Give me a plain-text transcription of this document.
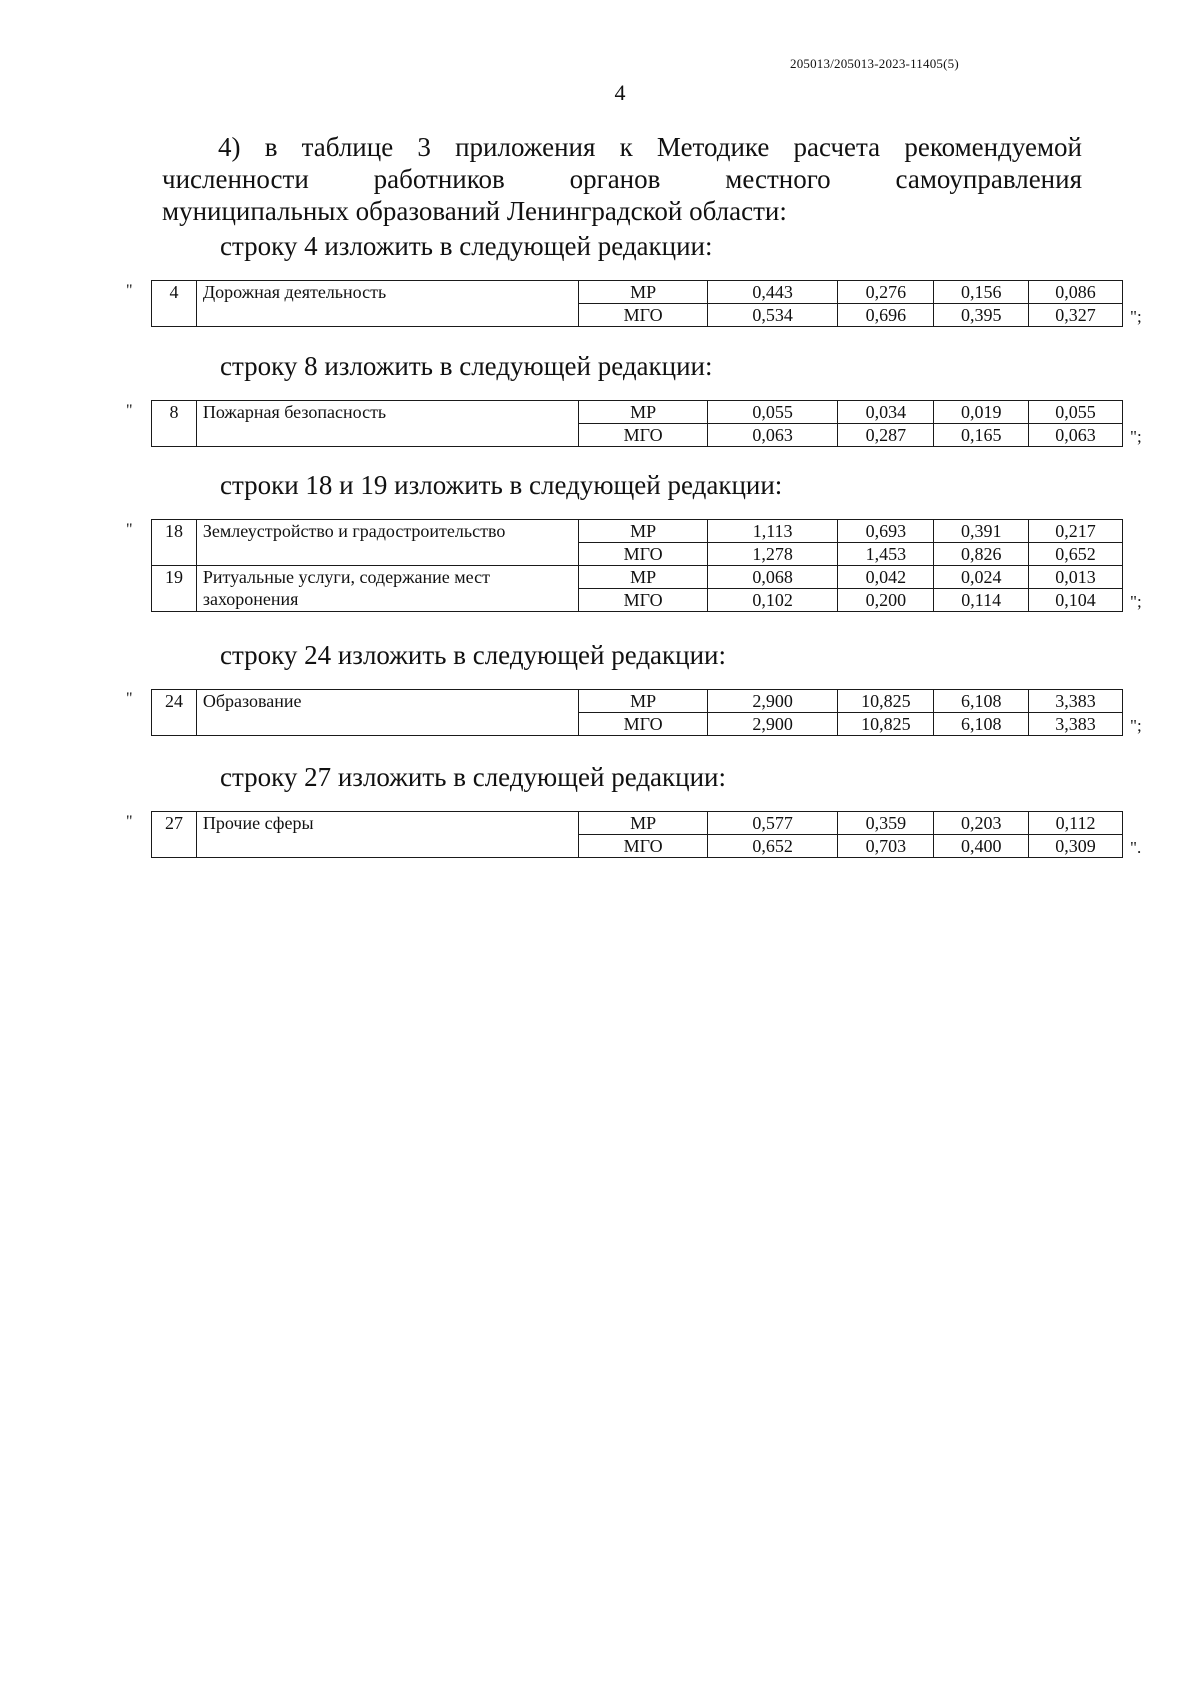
205013/205013-2023-11405(5)
4
4) в таблице 3 приложения к Методике расчета рекомендуемой
численности работников органов местного самоуправления
муниципальных образований Ленинградской области:
строку 4 изложить в следующей редакции:
" 4	Дорожная деятельность	МР	0,443	0,276	0,156	0,086
		МГО	0,534	0,696	0,395	0,327 ";
строку 8 изложить в следующей редакции:
" 8	Пожарная безопасность	МР	0,055	0,034	0,019	0,055
		МГО	0,063	0,287	0,165	0,063 ";
строки 18 и 19 изложить в следующей редакции:
" 18	Землеустройство и градостроительство	МР	1,113	0,693	0,391	0,217
		МГО	1,278	1,453	0,826	0,652
19	Ритуальные услуги, содержание мест захоронения	МР	0,068	0,042	0,024	0,013
		МГО	0,102	0,200	0,114	0,104 ";
строку 24 изложить в следующей редакции:
" 24	Образование	МР	2,900	10,825	6,108	3,383
		МГО	2,900	10,825	6,108	3,383 ";
строку 27 изложить в следующей редакции:
" 27	Прочие сферы	МР	0,577	0,359	0,203	0,112
		МГО	0,652	0,703	0,400	0,309 ".
